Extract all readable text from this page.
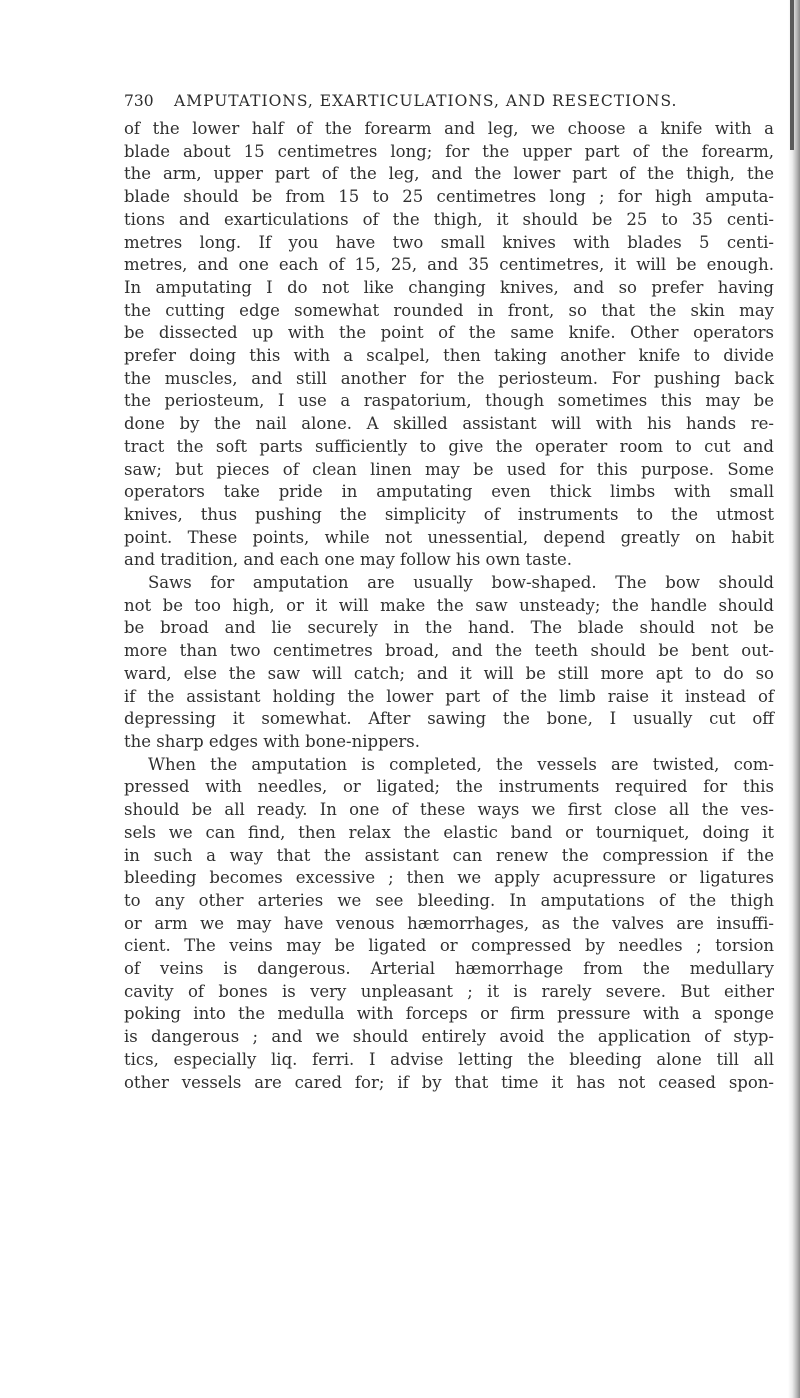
730 AMPUTATIONS, EXARTICULATIONS, AND RESECTIONS.
of the lower half of the forearm and leg, we choose a knife with a
blade about 15 centimetres long; for the upper part of the forearm,
the arm, upper part of the leg, and the lower part of the thigh, the
blade should be from 15 to 25 centimetres long ; for high amputa-
tions and exarticulations of the thigh, it should be 25 to 35 centi-
metres long. If you have two small knives with blades 5 centi-
metres, and one each of 15, 25, and 35 centimetres, it will be enough.
In amputating I do not like changing knives, and so prefer having
the cutting edge somewhat rounded in front, so that the skin may
be dissected up with the point of the same knife. Other operators
prefer doing this with a scalpel, then taking another knife to divide
the muscles, and still another for the periosteum. For pushing back
the periosteum, I use a raspatorium, though sometimes this may be
done by the nail alone. A skilled assistant will with his hands re-
tract the soft parts sufficiently to give the operater room to cut and
saw; but pieces of clean linen may be used for this purpose. Some
operators take pride in amputating even thick limbs with small
knives, thus pushing the simplicity of instruments to the utmost
point. These points, while not unessential, depend greatly on habit
and tradition, and each one may follow his own taste.
Saws for amputation are usually bow-shaped. The bow should
not be too high, or it will make the saw unsteady; the handle should
be broad and lie securely in the hand. The blade should not be
more than two centimetres broad, and the teeth should be bent out-
ward, else the saw will catch; and it will be still more apt to do so
if the assistant holding the lower part of the limb raise it instead of
depressing it somewhat. After sawing the bone, I usually cut off
the sharp edges with bone-nippers.
When the amputation is completed, the vessels are twisted, com-
pressed with needles, or ligated; the instruments required for this
should be all ready. In one of these ways we first close all the ves-
sels we can find, then relax the elastic band or tourniquet, doing it
in such a way that the assistant can renew the compression if the
bleeding becomes excessive ; then we apply acupressure or ligatures
to any other arteries we see bleeding. In amputations of the thigh
or arm we may have venous hæmorrhages, as the valves are insuffi-
cient. The veins may be ligated or compressed by needles ; torsion
of veins is dangerous. Arterial hæmorrhage from the medullary
cavity of bones is very unpleasant ; it is rarely severe. But either
poking into the medulla with forceps or firm pressure with a sponge
is dangerous ; and we should entirely avoid the application of styp-
tics, especially liq. ferri. I advise letting the bleeding alone till all
other vessels are cared for; if by that time it has not ceased spon-
